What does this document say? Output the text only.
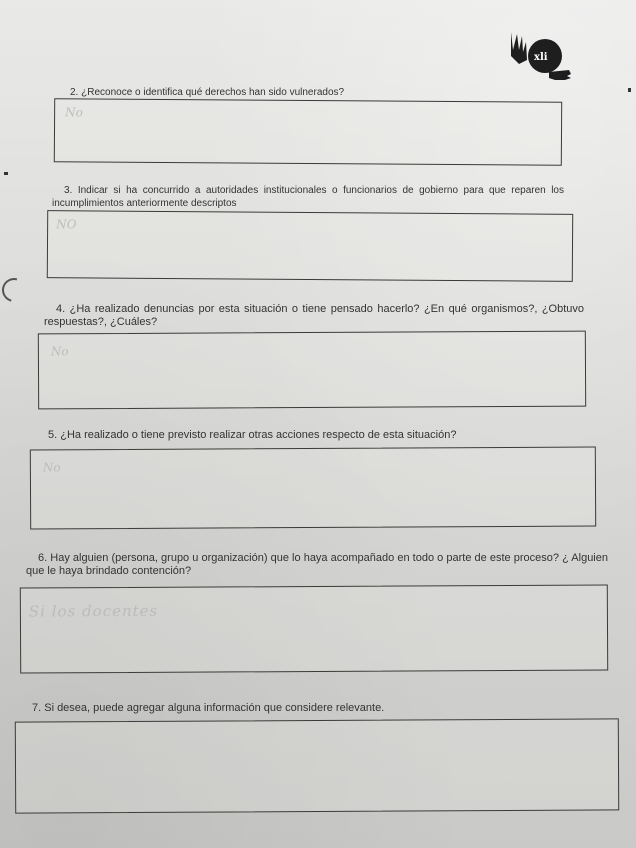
xli

2. ¿Reconoce o identifica qué derechos han sido vulnerados?

No

3. Indicar si ha concurrido a autoridades institucionales o funcionarios de gobierno para que reparen los incumplimientos anteriormente descriptos

NO

4. ¿Ha realizado denuncias por esta situación o tiene pensado hacerlo? ¿En qué organismos?, ¿Obtuvo respuestas?, ¿Cuáles?

No

5. ¿Ha realizado o tiene previsto realizar otras acciones respecto de esta situación?

No

6. Hay alguien (persona, grupo u organización) que lo haya acompañado en todo o parte de este proceso? ¿ Alguien que le haya brindado contención?

Si los docentes

7. Si desea, puede agregar alguna información que considere relevante.
